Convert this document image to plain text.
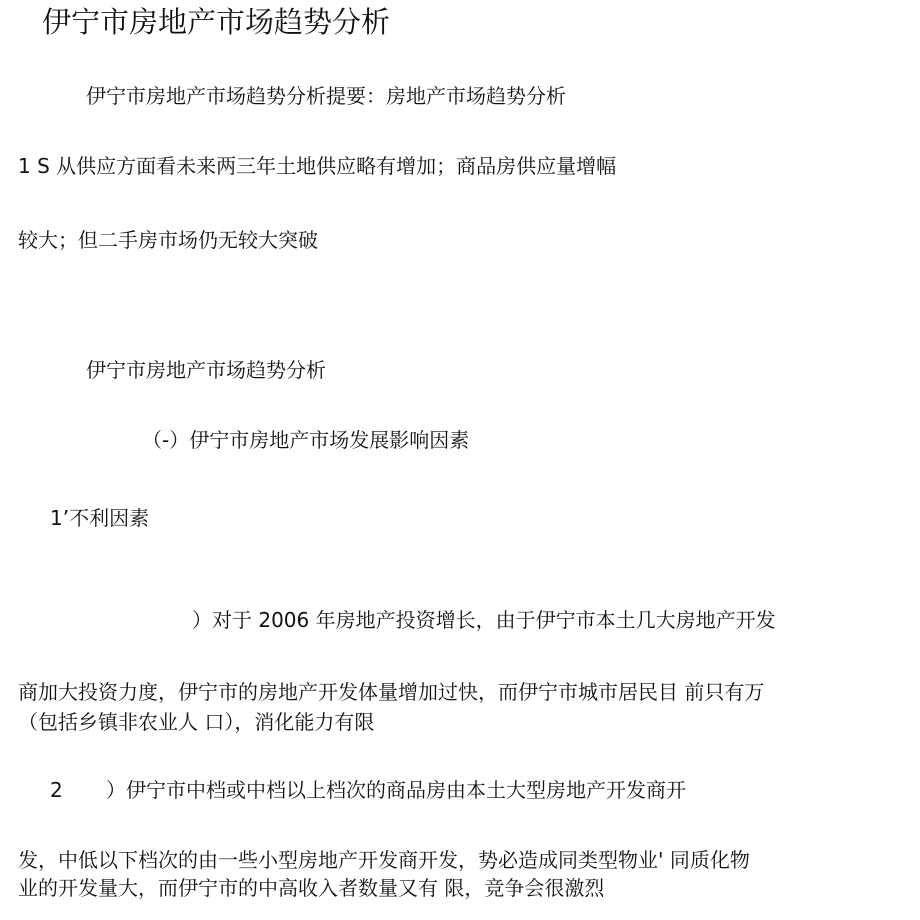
伊宁市房地产市场趋势分析
伊宁市房地产市场趋势分析提要：房地产市场趋势分析
1 S 从供应方面看未来两三年土地供应略有增加；商品房供应量增幅
较大；但二手房市场仍无较大突破
伊宁市房地产市场趋势分析
（-）伊宁市房地产市场发展影响因素
1’不利因素
）对于 2006 年房地产投资增长，由于伊宁市本土几大房地产开发
商加大投资力度，伊宁市的房地产开发体量增加过快，而伊宁市城市居民目 前只有万
（包括乡镇非农业人 口），消化能力有限
2 ）伊宁市中档或中档以上档次的商品房由本土大型房地产开发商开
发，中低以下档次的由一些小型房地产开发商开发，势必造成同类型物业' 同质化物
业的开发量大，而伊宁市的中高收入者数量又有 限，竞争会很激烈
